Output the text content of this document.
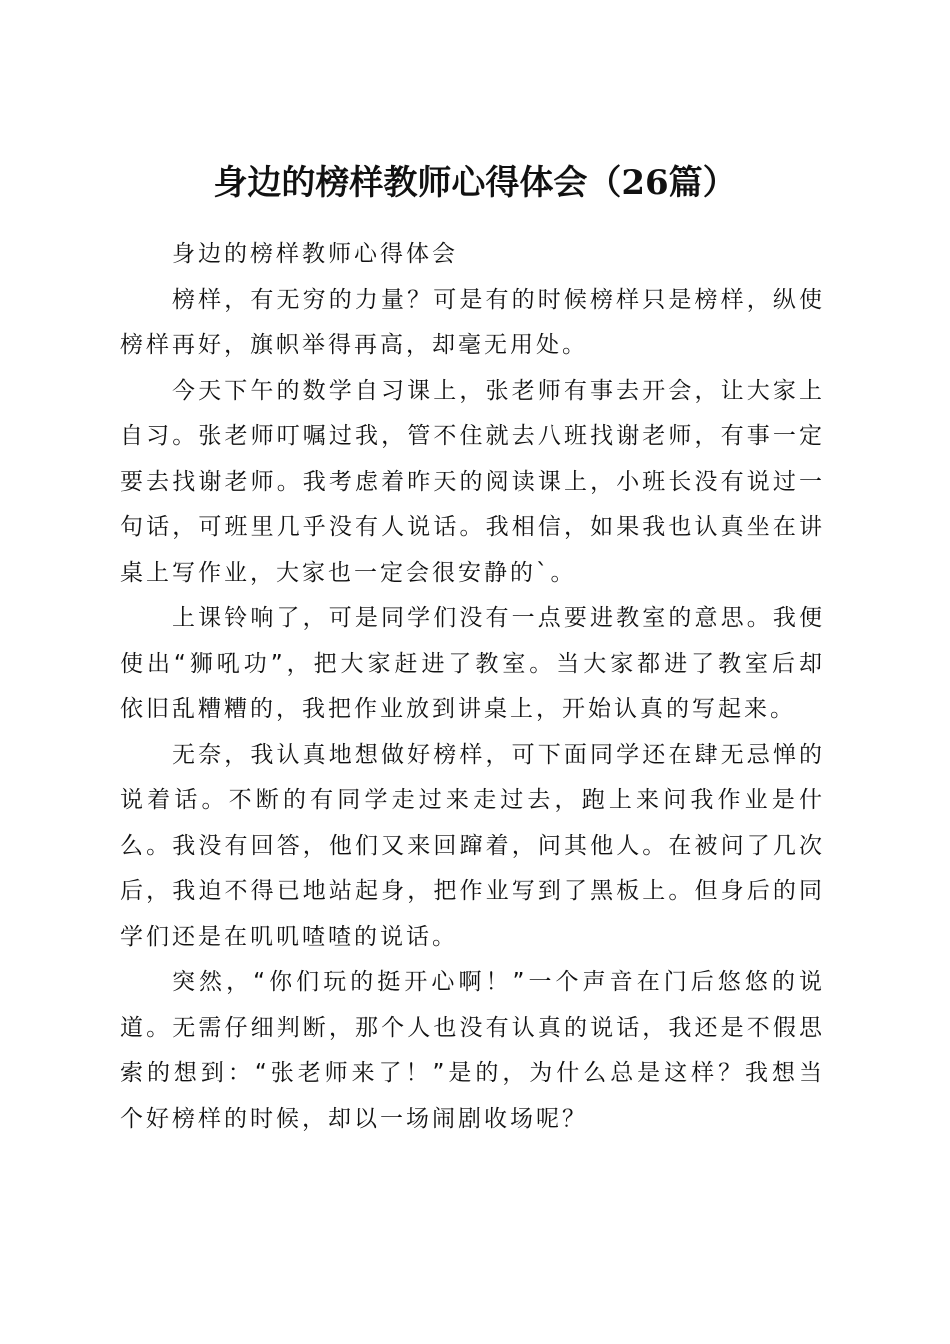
身边的榜样教师心得体会（26篇）

身边的榜样教师心得体会

榜样，有无穷的力量？可是有的时候榜样只是榜样，纵使榜样再好，旗帜举得再高，却毫无用处。

今天下午的数学自习课上，张老师有事去开会，让大家上自习。张老师叮嘱过我，管不住就去八班找谢老师，有事一定要去找谢老师。我考虑着昨天的阅读课上，小班长没有说过一句话，可班里几乎没有人说话。我相信，如果我也认真坐在讲桌上写作业，大家也一定会很安静的`。

上课铃响了，可是同学们没有一点要进教室的意思。我便使出“狮吼功”，把大家赶进了教室。当大家都进了教室后却依旧乱糟糟的，我把作业放到讲桌上，开始认真的写起来。

无奈，我认真地想做好榜样，可下面同学还在肆无忌惮的说着话。不断的有同学走过来走过去，跑上来问我作业是什么。我没有回答，他们又来回蹿着，问其他人。在被问了几次后，我迫不得已地站起身，把作业写到了黑板上。但身后的同学们还是在叽叽喳喳的说话。

突然，“你们玩的挺开心啊！”一个声音在门后悠悠的说道。无需仔细判断，那个人也没有认真的说话，我还是不假思索的想到：“张老师来了！”是的，为什么总是这样？我想当个好榜样的时候，却以一场闹剧收场呢？
